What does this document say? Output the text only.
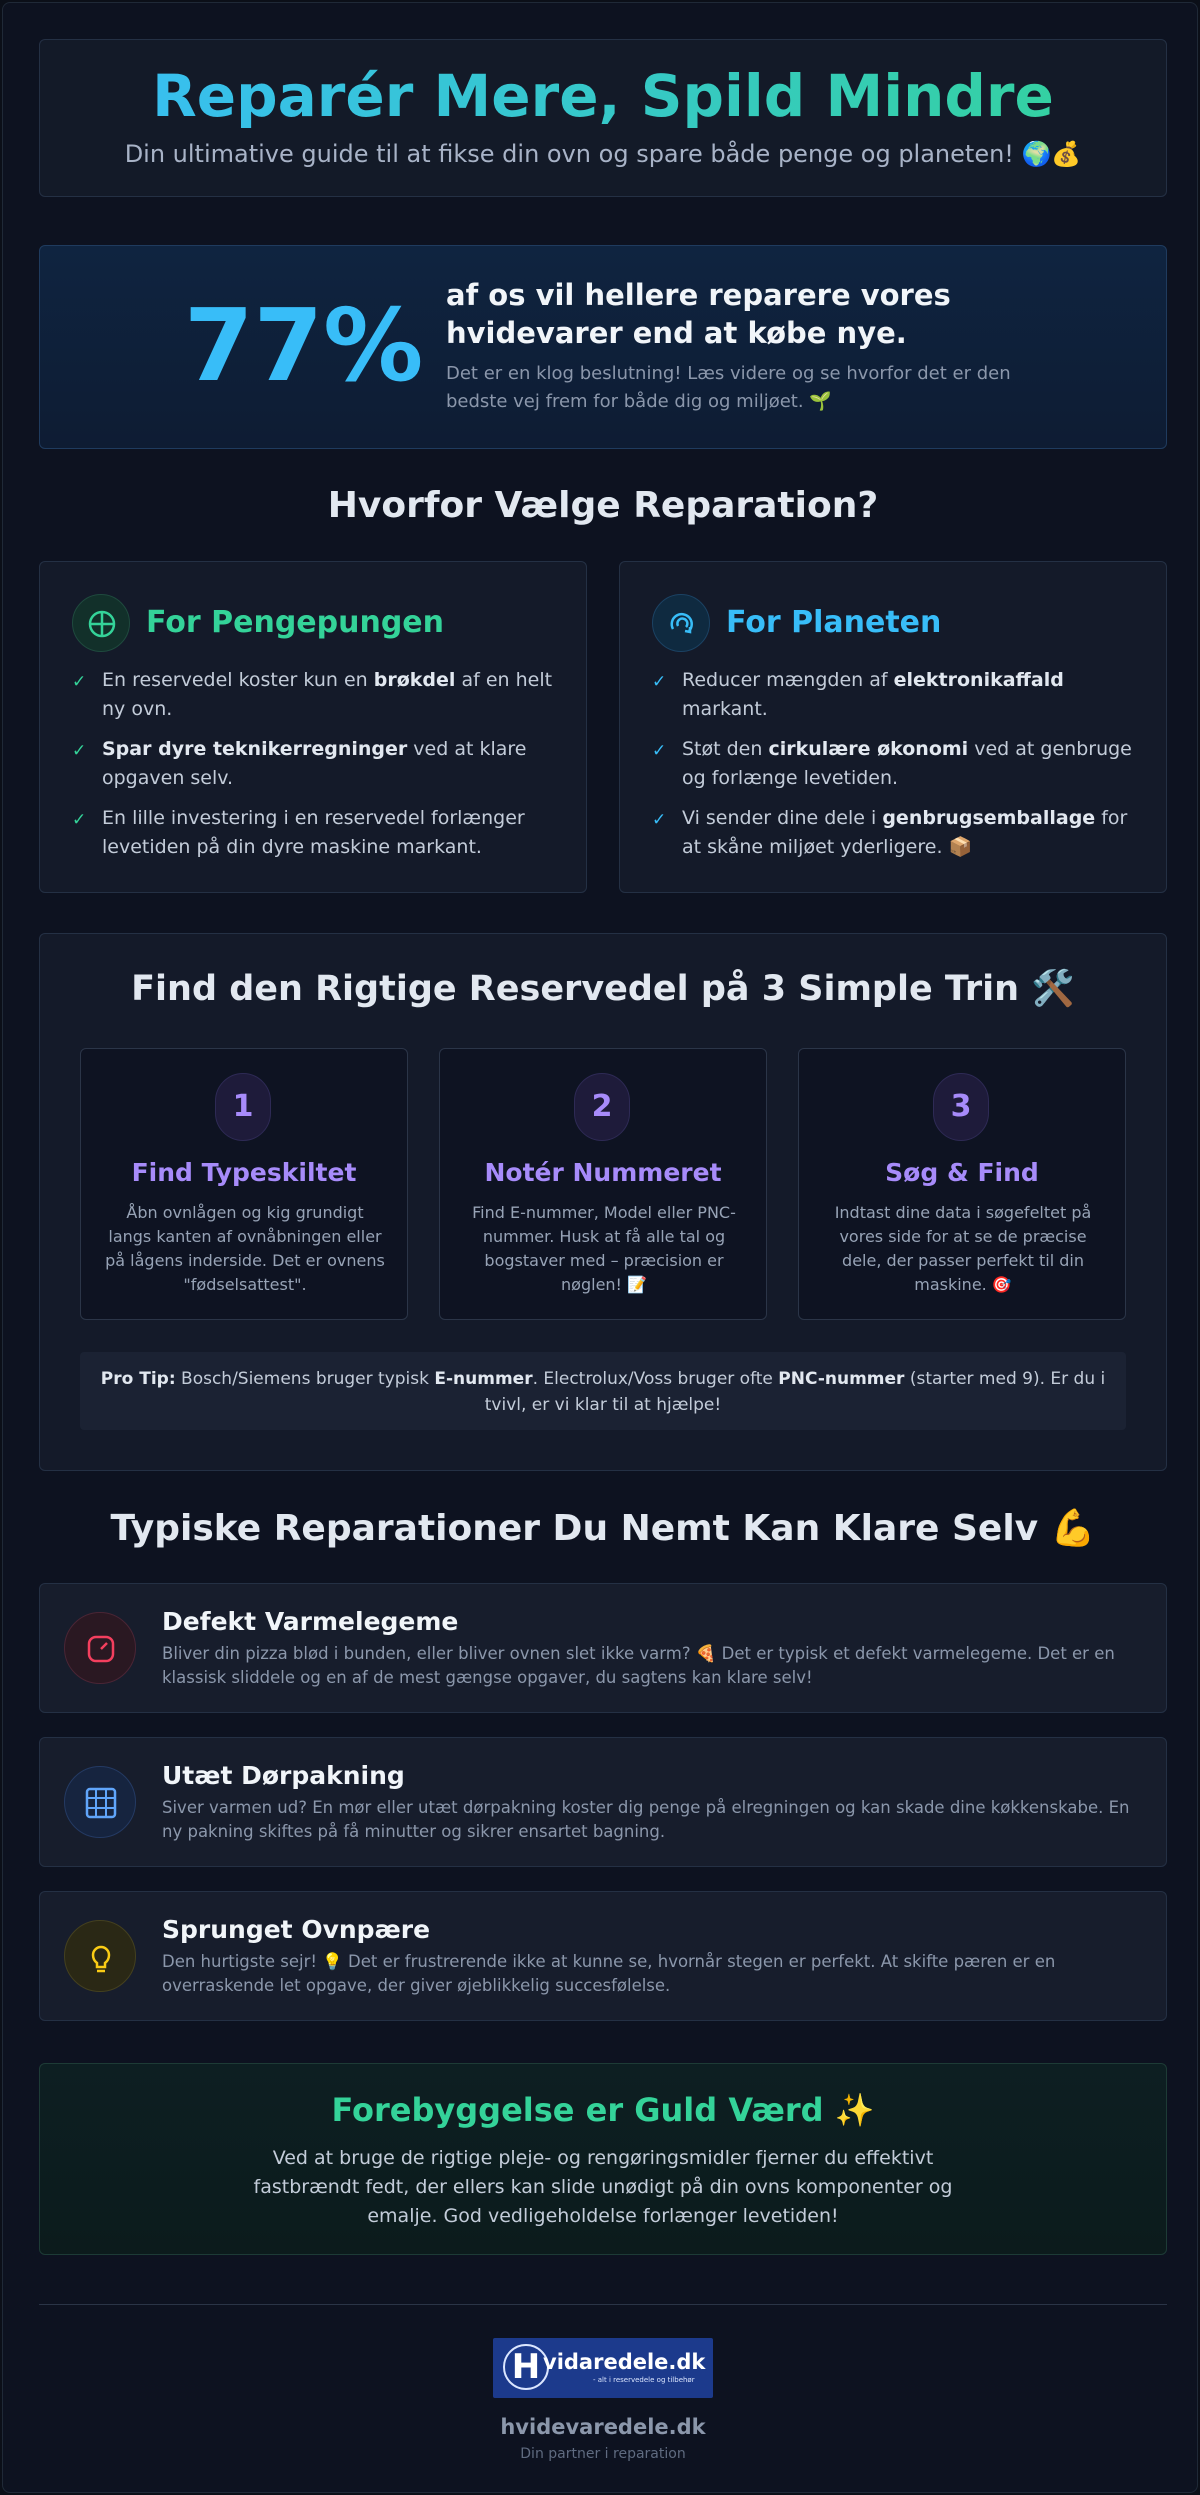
Reparér Mere, Spild Mindre
Din ultimative guide til at fikse din ovn og spare både penge og planeten! 🌍💰
77% af os vil hellere reparere vores hvidevarer end at købe nye.
Det er en klog beslutning! Læs videre og se hvorfor det er den bedste vej frem for både dig og miljøet. 🌱
Hvorfor Vælge Reparation?
For Pengepungen
✓ En reservedel koster kun en brøkdel af en helt ny ovn.
✓ Spar dyre teknikerregninger ved at klare opgaven selv.
✓ En lille investering i en reservedel forlænger levetiden på din dyre maskine markant.
For Planeten
✓ Reducer mængden af elektronikaffald markant.
✓ Støt den cirkulære økonomi ved at genbruge og forlænge levetiden.
✓ Vi sender dine dele i genbrugsemballage for at skåne miljøet yderligere. 📦
Find den Rigtige Reservedel på 3 Simple Trin 🛠️
1
Find Typeskiltet
Åbn ovnlågen og kig grundigt langs kanten af ovnåbningen eller på lågens inderside. Det er ovnens "fødselsattest".
2
Notér Nummeret
Find E-nummer, Model eller PNC-nummer. Husk at få alle tal og bogstaver med – præcision er nøglen! 📝
3
Søg & Find
Indtast dine data i søgefeltet på vores side for at se de præcise dele, der passer perfekt til din maskine. 🎯
Pro Tip: Bosch/Siemens bruger typisk E-nummer. Electrolux/Voss bruger ofte PNC-nummer (starter med 9). Er du i tvivl, er vi klar til at hjælpe!
Typiske Reparationer Du Nemt Kan Klare Selv 💪
Defekt Varmelegeme
Bliver din pizza blød i bunden, eller bliver ovnen slet ikke varm? 🍕 Det er typisk et defekt varmelegeme. Det er en klassisk sliddele og en af de mest gængse opgaver, du sagtens kan klare selv!
Utæt Dørpakning
Siver varmen ud? En mør eller utæt dørpakning koster dig penge på elregningen og kan skade dine køkkenskabe. En ny pakning skiftes på få minutter og sikrer ensartet bagning.
Sprunget Ovnpære
Den hurtigste sejr! 💡 Det er frustrerende ikke at kunne se, hvornår stegen er perfekt. At skifte pæren er en overraskende let opgave, der giver øjeblikkelig succesfølelse.
Forebyggelse er Guld Værd ✨
Ved at bruge de rigtige pleje- og rengøringsmidler fjerner du effektivt fastbrændt fedt, der ellers kan slide unødigt på din ovns komponenter og emalje. God vedligeholdelse forlænger levetiden!
H vidaredele.dk
- alt i reservedele og tilbehør
hvidevaredele.dk
Din partner i reparation
